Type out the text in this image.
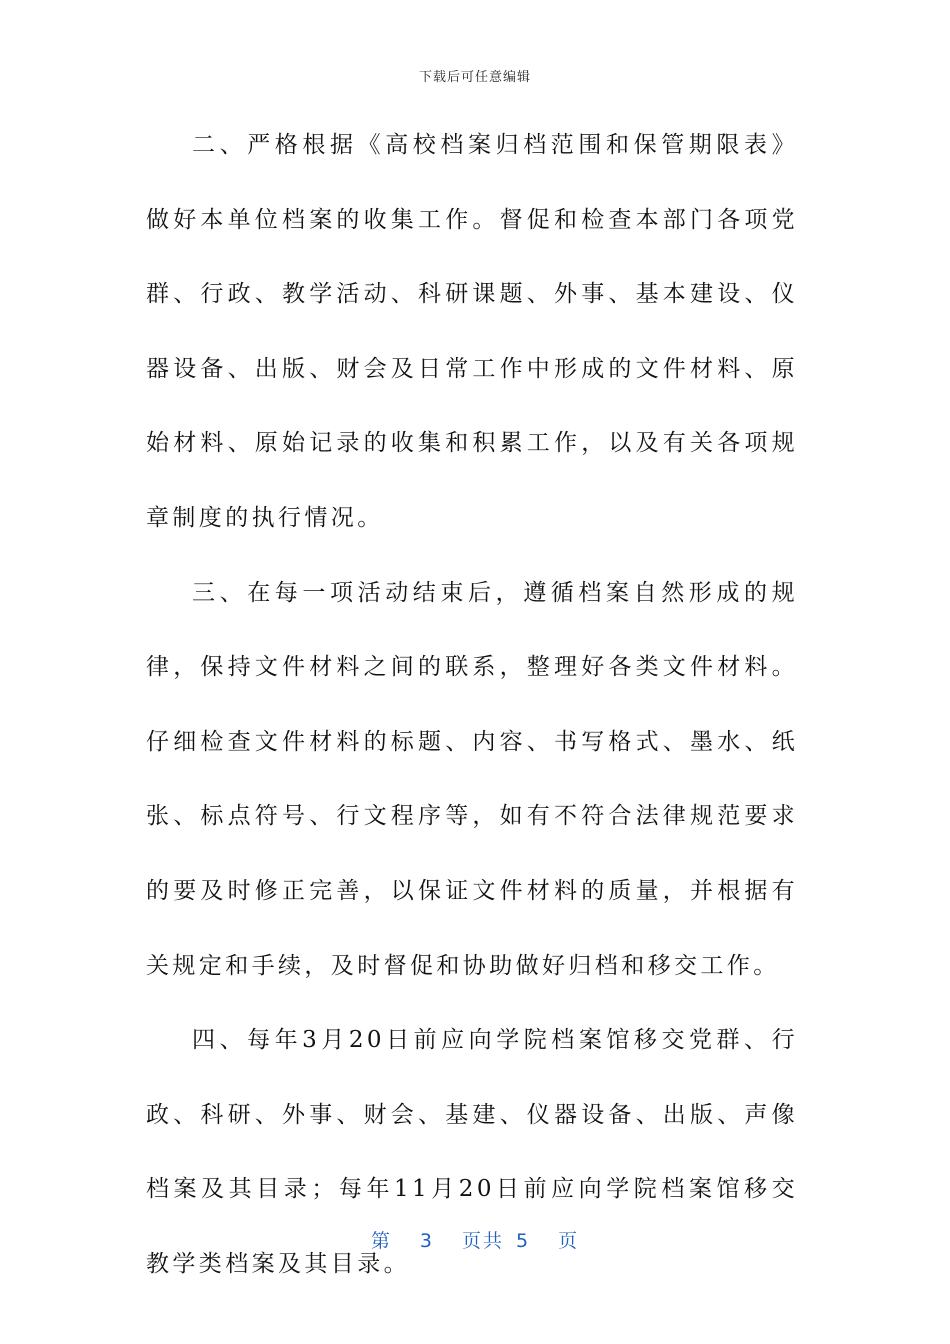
下载后可任意编辑

二、严格根据《高校档案归档范围和保管期限表》做好本单位档案的收集工作。督促和检查本部门各项党群、行政、教学活动、科研课题、外事、基本建设、仪器设备、出版、财会及日常工作中形成的文件材料、原始材料、原始记录的收集和积累工作，以及有关各项规章制度的执行情况。

三、在每一项活动结束后，遵循档案自然形成的规律，保持文件材料之间的联系，整理好各类文件材料。仔细检查文件材料的标题、内容、书写格式、墨水、纸张、标点符号、行文程序等，如有不符合法律规范要求的要及时修正完善，以保证文件材料的质量，并根据有关规定和手续，及时督促和协助做好归档和移交工作。

四、每年3月20日前应向学院档案馆移交党群、行政、科研、外事、财会、基建、仪器设备、出版、声像档案及其目录；每年11月20日前应向学院档案馆移交教学类档案及其目录。

第 3 页共 5 页
